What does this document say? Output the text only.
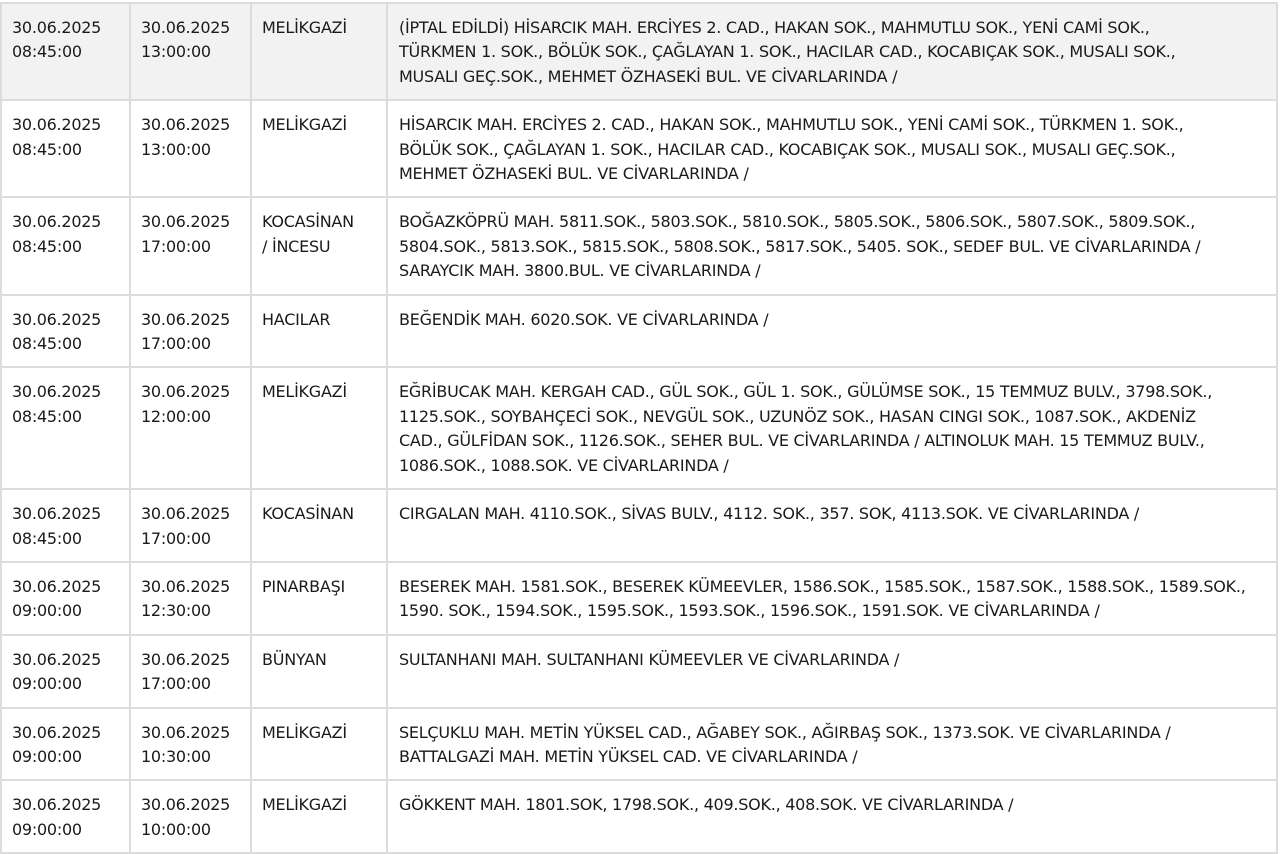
30.06.2025
08:45:00	30.06.2025
13:00:00	MELİKGAZİ	(İPTAL EDİLDİ) HİSARCIK MAH. ERCİYES 2. CAD., HAKAN SOK., MAHMUTLU SOK., YENİ CAMİ SOK.,
TÜRKMEN 1. SOK., BÖLÜK SOK., ÇAĞLAYAN 1. SOK., HACILAR CAD., KOCABIÇAK SOK., MUSALI SOK.,
MUSALI GEÇ.SOK., MEHMET ÖZHASEKİ BUL. VE CİVARLARINDA /

30.06.2025
08:45:00	30.06.2025
13:00:00	MELİKGAZİ	HİSARCIK MAH. ERCİYES 2. CAD., HAKAN SOK., MAHMUTLU SOK., YENİ CAMİ SOK., TÜRKMEN 1. SOK.,
BÖLÜK SOK., ÇAĞLAYAN 1. SOK., HACILAR CAD., KOCABIÇAK SOK., MUSALI SOK., MUSALI GEÇ.SOK.,
MEHMET ÖZHASEKİ BUL. VE CİVARLARINDA /

30.06.2025
08:45:00	30.06.2025
17:00:00	KOCASİNAN
/ İNCESU	BOĞAZKÖPRÜ MAH. 5811.SOK., 5803.SOK., 5810.SOK., 5805.SOK., 5806.SOK., 5807.SOK., 5809.SOK.,
5804.SOK., 5813.SOK., 5815.SOK., 5808.SOK., 5817.SOK., 5405. SOK., SEDEF BUL. VE CİVARLARINDA /
SARAYCIK MAH. 3800.BUL. VE CİVARLARINDA /

30.06.2025
08:45:00	30.06.2025
17:00:00	HACILAR	BEĞENDİK MAH. 6020.SOK. VE CİVARLARINDA /

30.06.2025
08:45:00	30.06.2025
12:00:00	MELİKGAZİ	EĞRİBUCAK MAH. KERGAH CAD., GÜL SOK., GÜL 1. SOK., GÜLÜMSE SOK., 15 TEMMUZ BULV., 3798.SOK.,
1125.SOK., SOYBAHÇECİ SOK., NEVGÜL SOK., UZUNÖZ SOK., HASAN CINGI SOK., 1087.SOK., AKDENİZ
CAD., GÜLFİDAN SOK., 1126.SOK., SEHER BUL. VE CİVARLARINDA / ALTINOLUK MAH. 15 TEMMUZ BULV.,
1086.SOK., 1088.SOK. VE CİVARLARINDA /

30.06.2025
08:45:00	30.06.2025
17:00:00	KOCASİNAN	CIRGALAN MAH. 4110.SOK., SİVAS BULV., 4112. SOK., 357. SOK, 4113.SOK. VE CİVARLARINDA /

30.06.2025
09:00:00	30.06.2025
12:30:00	PINARBAŞI	BESEREK MAH. 1581.SOK., BESEREK KÜMEEVLER, 1586.SOK., 1585.SOK., 1587.SOK., 1588.SOK., 1589.SOK.,
1590. SOK., 1594.SOK., 1595.SOK., 1593.SOK., 1596.SOK., 1591.SOK. VE CİVARLARINDA /

30.06.2025
09:00:00	30.06.2025
17:00:00	BÜNYAN	SULTANHANI MAH. SULTANHANI KÜMEEVLER VE CİVARLARINDA /

30.06.2025
09:00:00	30.06.2025
10:30:00	MELİKGAZİ	SELÇUKLU MAH. METİN YÜKSEL CAD., AĞABEY SOK., AĞIRBAŞ SOK., 1373.SOK. VE CİVARLARINDA /
BATTALGAZİ MAH. METİN YÜKSEL CAD. VE CİVARLARINDA /

30.06.2025
09:00:00	30.06.2025
10:00:00	MELİKGAZİ	GÖKKENT MAH. 1801.SOK, 1798.SOK., 409.SOK., 408.SOK. VE CİVARLARINDA /
